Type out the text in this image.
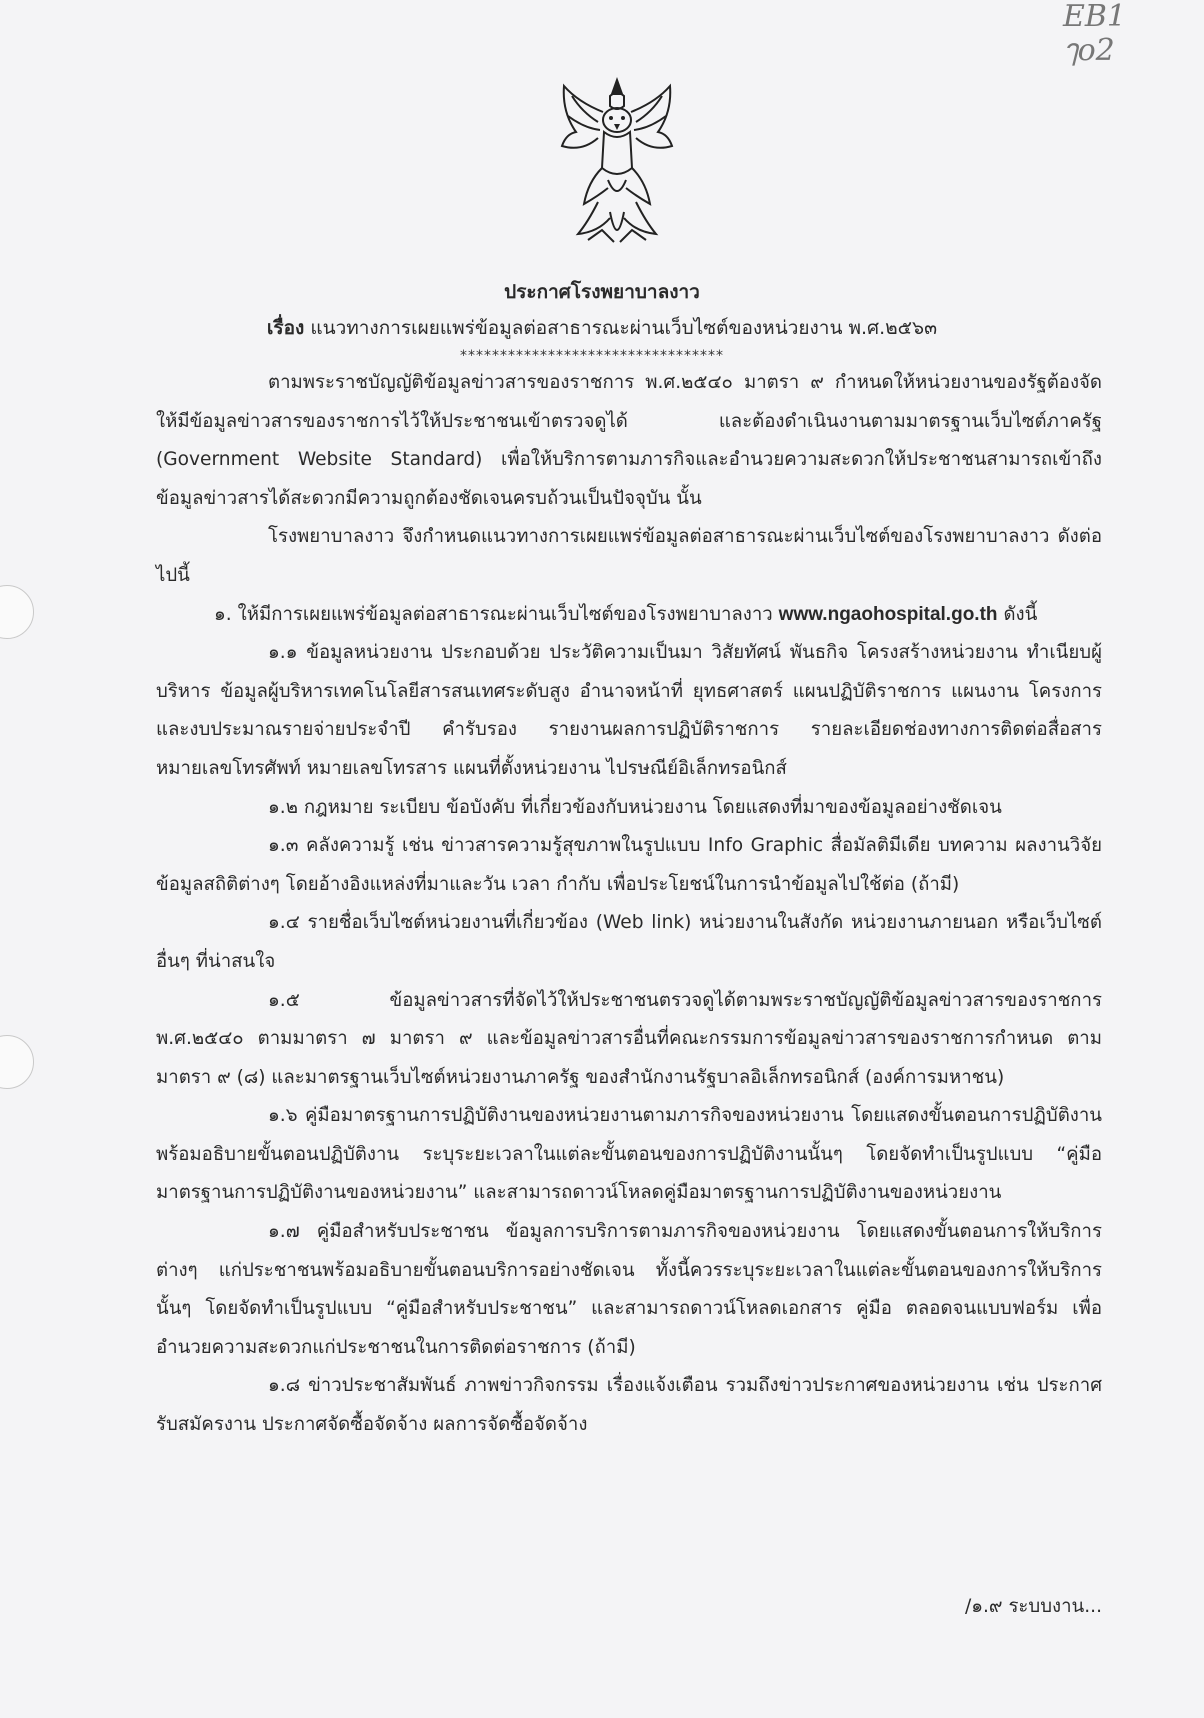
EB1
ๅo2
ประกาศโรงพยาบาลงาว
เรื่อง แนวทางการเผยแพร่ข้อมูลต่อสาธารณะผ่านเว็บไซต์ของหน่วยงาน พ.ศ.๒๕๖๓
*********************************

ตามพระราชบัญญัติข้อมูลข่าวสารของราชการ พ.ศ.๒๕๔๐ มาตรา ๙ กำหนดให้หน่วยงานของรัฐต้องจัดให้มีข้อมูลข่าวสารของราชการไว้ให้ประชาชนเข้าตรวจดูได้ และต้องดำเนินงานตามมาตรฐานเว็บไซต์ภาครัฐ (Government Website Standard) เพื่อให้บริการตามภารกิจและอำนวยความสะดวกให้ประชาชนสามารถเข้าถึงข้อมูลข่าวสารได้สะดวกมีความถูกต้องชัดเจนครบถ้วนเป็นปัจจุบัน นั้น

โรงพยาบาลงาว จึงกำหนดแนวทางการเผยแพร่ข้อมูลต่อสาธารณะผ่านเว็บไซต์ของโรงพยาบาลงาว ดังต่อไปนี้

๑. ให้มีการเผยแพร่ข้อมูลต่อสาธารณะผ่านเว็บไซต์ของโรงพยาบาลงาว www.ngaohospital.go.th ดังนี้

๑.๑ ข้อมูลหน่วยงาน ประกอบด้วย ประวัติความเป็นมา วิสัยทัศน์ พันธกิจ โครงสร้างหน่วยงาน ทำเนียบผู้บริหาร ข้อมูลผู้บริหารเทคโนโลยีสารสนเทศระดับสูง อำนาจหน้าที่ ยุทธศาสตร์ แผนปฏิบัติราชการ แผนงาน โครงการ และงบประมาณรายจ่ายประจำปี คำรับรอง รายงานผลการปฏิบัติราชการ รายละเอียดช่องทางการติดต่อสื่อสาร หมายเลขโทรศัพท์ หมายเลขโทรสาร แผนที่ตั้งหน่วยงาน ไปรษณีย์อิเล็กทรอนิกส์

๑.๒ กฎหมาย ระเบียบ ข้อบังคับ ที่เกี่ยวข้องกับหน่วยงาน โดยแสดงที่มาของข้อมูลอย่างชัดเจน

๑.๓ คลังความรู้ เช่น ข่าวสารความรู้สุขภาพในรูปแบบ Info Graphic สื่อมัลติมีเดีย บทความ ผลงานวิจัย ข้อมูลสถิติต่างๆ โดยอ้างอิงแหล่งที่มาและวัน เวลา กำกับ เพื่อประโยชน์ในการนำข้อมูลไปใช้ต่อ (ถ้ามี)

๑.๔ รายชื่อเว็บไซต์หน่วยงานที่เกี่ยวข้อง (Web link) หน่วยงานในสังกัด หน่วยงานภายนอก หรือเว็บไซต์อื่นๆ ที่น่าสนใจ

๑.๕ ข้อมูลข่าวสารที่จัดไว้ให้ประชาชนตรวจดูได้ตามพระราชบัญญัติข้อมูลข่าวสารของราชการ พ.ศ.๒๕๔๐ ตามมาตรา ๗ มาตรา ๙ และข้อมูลข่าวสารอื่นที่คณะกรรมการข้อมูลข่าวสารของราชการกำหนด ตามมาตรา ๙ (๘) และมาตรฐานเว็บไซต์หน่วยงานภาครัฐ ของสำนักงานรัฐบาลอิเล็กทรอนิกส์ (องค์การมหาชน)

๑.๖ คู่มือมาตรฐานการปฏิบัติงานของหน่วยงานตามภารกิจของหน่วยงาน โดยแสดงขั้นตอนการปฏิบัติงานพร้อมอธิบายขั้นตอนปฏิบัติงาน ระบุระยะเวลาในแต่ละขั้นตอนของการปฏิบัติงานนั้นๆ โดยจัดทำเป็นรูปแบบ “คู่มือมาตรฐานการปฏิบัติงานของหน่วยงาน” และสามารถดาวน์โหลดคู่มือมาตรฐานการปฏิบัติงานของหน่วยงาน

๑.๗ คู่มือสำหรับประชาชน ข้อมูลการบริการตามภารกิจของหน่วยงาน โดยแสดงขั้นตอนการให้บริการต่างๆ แก่ประชาชนพร้อมอธิบายขั้นตอนบริการอย่างชัดเจน ทั้งนี้ควรระบุระยะเวลาในแต่ละขั้นตอนของการให้บริการนั้นๆ โดยจัดทำเป็นรูปแบบ “คู่มือสำหรับประชาชน” และสามารถดาวน์โหลดเอกสาร คู่มือ ตลอดจนแบบฟอร์ม เพื่ออำนวยความสะดวกแก่ประชาชนในการติดต่อราชการ (ถ้ามี)

๑.๘ ข่าวประชาสัมพันธ์ ภาพข่าวกิจกรรม เรื่องแจ้งเตือน รวมถึงข่าวประกาศของหน่วยงาน เช่น ประกาศรับสมัครงาน ประกาศจัดซื้อจัดจ้าง ผลการจัดซื้อจัดจ้าง

/๑.๙ ระบบงาน...
